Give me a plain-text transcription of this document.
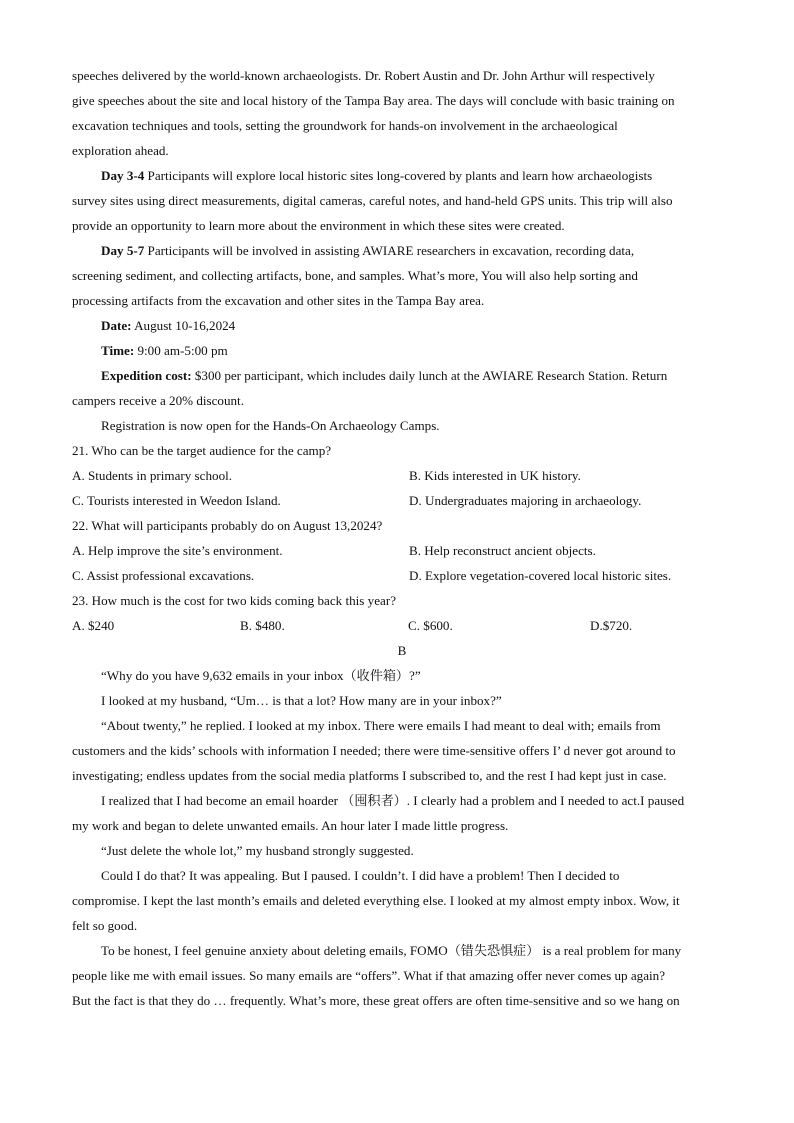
speeches delivered by the world-known archaeologists. Dr. Robert Austin and Dr. John Arthur will respectively
give speeches about the site and local history of the Tampa Bay area. The days will conclude with basic training on
excavation techniques and tools, setting the groundwork for hands-on involvement in the archaeological
exploration ahead.
Day 3-4 Participants will explore local historic sites long-covered by plants and learn how archaeologists
survey sites using direct measurements, digital cameras, careful notes, and hand-held GPS units. This trip will also
provide an opportunity to learn more about the environment in which these sites were created.
Day 5-7 Participants will be involved in assisting AWIARE researchers in excavation, recording data,
screening sediment, and collecting artifacts, bone, and samples. What’s more, You will also help sorting and
processing artifacts from the excavation and other sites in the Tampa Bay area.
Date: August 10-16,2024
Time: 9:00 am-5:00 pm
Expedition cost: $300 per participant, which includes daily lunch at the AWIARE Research Station. Return
campers receive a 20% discount.
Registration is now open for the Hands-On Archaeology Camps.
21. Who can be the target audience for the camp?
A. Students in primary school.	B. Kids interested in UK history.
C. Tourists interested in Weedon Island.	D. Undergraduates majoring in archaeology.
22. What will participants probably do on August 13,2024?
A. Help improve the site’s environment.	B. Help reconstruct ancient objects.
C. Assist professional excavations.	D. Explore vegetation-covered local historic sites.
23. How much is the cost for two kids coming back this year?
A. $240	B. $480.	C. $600.	D.$720.
B
“Why do you have 9,632 emails in your inbox（收件箱）?”
I looked at my husband, “Um… is that a lot? How many are in your inbox?”
“About twenty,” he replied. I looked at my inbox. There were emails I had meant to deal with; emails from
customers and the kids’ schools with information I needed; there were time-sensitive offers I’ d never got around to
investigating; endless updates from the social media platforms I subscribed to, and the rest I had kept just in case.
I realized that I had become an email hoarder （囤积者）. I clearly had a problem and I needed to act.I paused
my work and began to delete unwanted emails. An hour later I made little progress.
“Just delete the whole lot,” my husband strongly suggested.
Could I do that? It was appealing. But I paused. I couldn’t. I did have a problem! Then I decided to
compromise. I kept the last month’s emails and deleted everything else. I looked at my almost empty inbox. Wow, it
felt so good.
To be honest, I feel genuine anxiety about deleting emails, FOMO（错失恐惧症） is a real problem for many
people like me with email issues. So many emails are “offers”. What if that amazing offer never comes up again?
But the fact is that they do … frequently. What’s more, these great offers are often time-sensitive and so we hang on
